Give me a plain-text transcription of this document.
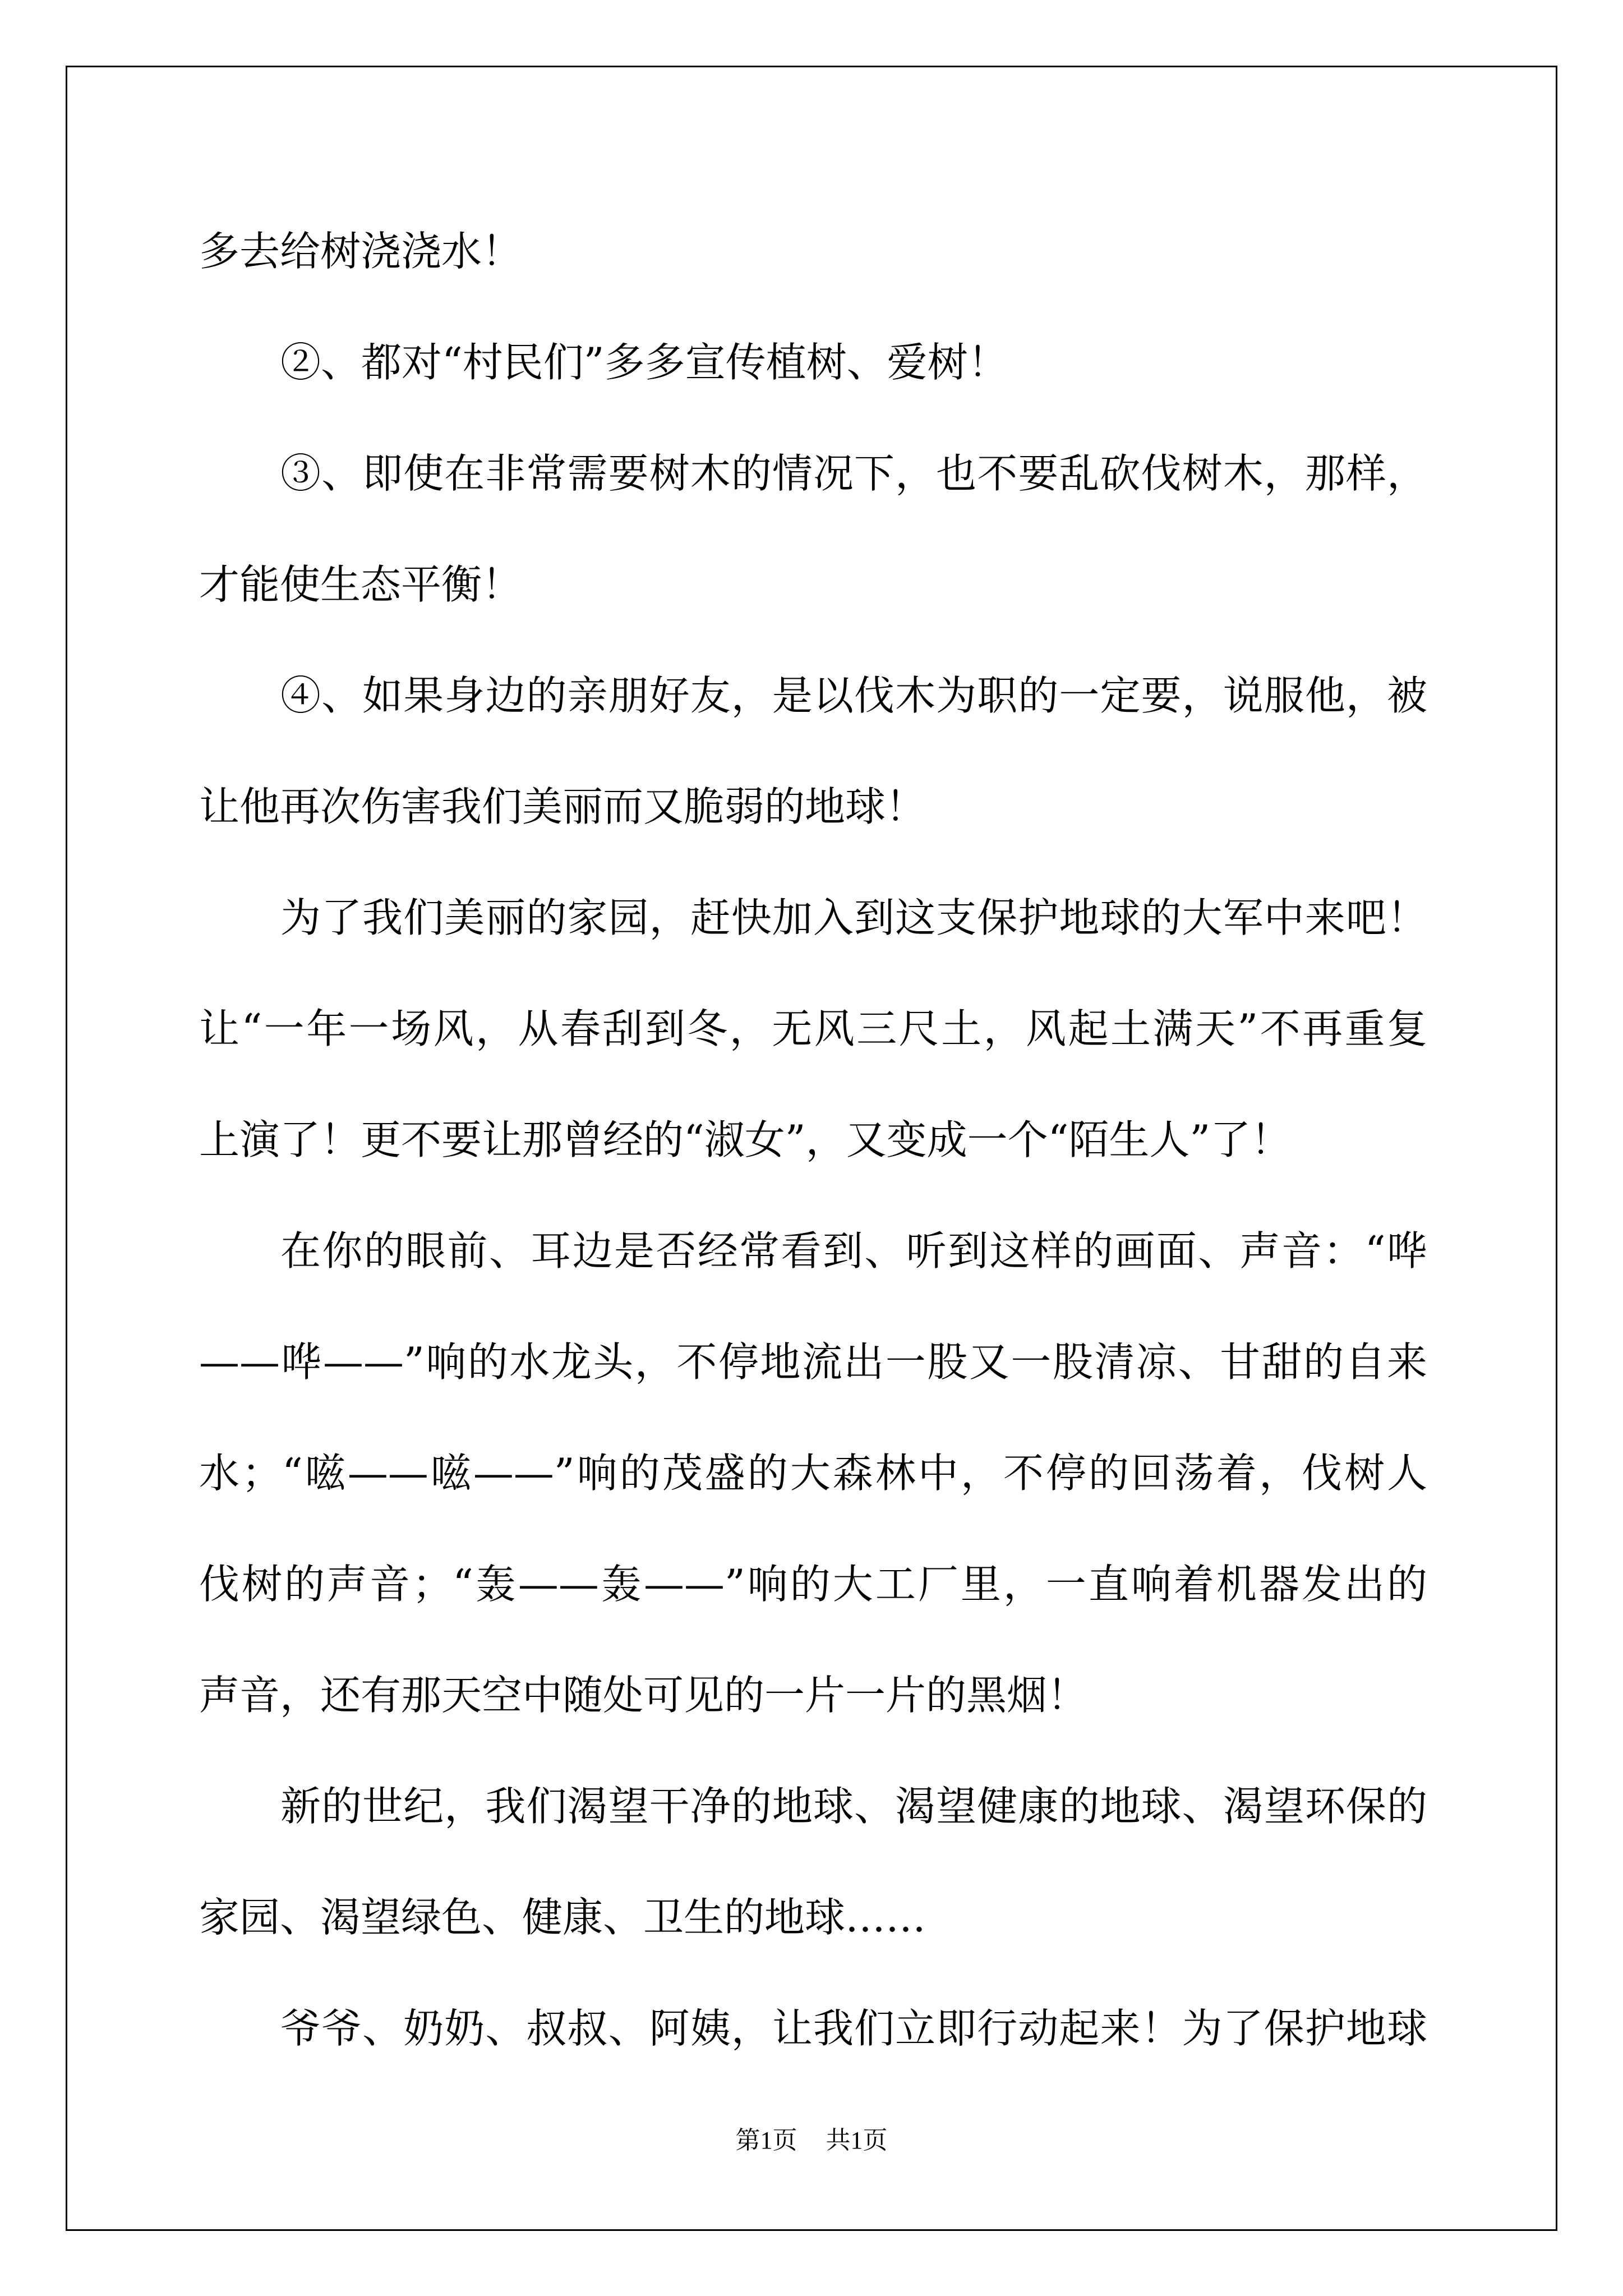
多去给树浇浇水！
②、都对“村民们”多多宣传植树、爱树！
③、即使在非常需要树木的情况下，也不要乱砍伐树木，那样，
才能使生态平衡！
④、如果身边的亲朋好友，是以伐木为职的一定要，说服他，被
让他再次伤害我们美丽而又脆弱的地球！
为了我们美丽的家园，赶快加入到这支保护地球的大军中来吧！
让“一年一场风，从春刮到冬，无风三尺土，风起土满天”不再重复
上演了！更不要让那曾经的“淑女”，又变成一个“陌生人”了！
在你的眼前、耳边是否经常看到、听到这样的画面、声音：“哗
——哗——”响的水龙头，不停地流出一股又一股清凉、甘甜的自来
水；“嗞——嗞——”响的茂盛的大森林中，不停的回荡着，伐树人
伐树的声音；“轰——轰——”响的大工厂里，一直响着机器发出的
声音，还有那天空中随处可见的一片一片的黑烟！
新的世纪，我们渴望干净的地球、渴望健康的地球、渴望环保的
家园、渴望绿色、健康、卫生的地球……
爷爷、奶奶、叔叔、阿姨，让我们立即行动起来！为了保护地球
第1页 共1页
